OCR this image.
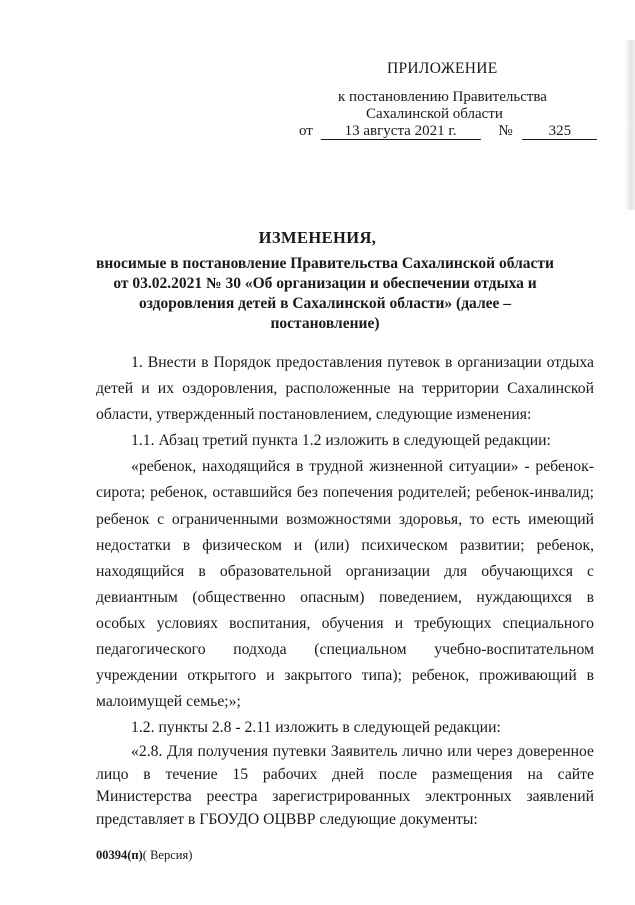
ПРИЛОЖЕНИЕ
к постановлению Правительства
Сахалинской области
от 13 августа 2021 г.	№ 325
ИЗМЕНЕНИЯ,
вносимые в постановление Правительства Сахалинской области от 03.02.2021 № 30 «Об организации и обеспечении отдыха и оздоровления детей в Сахалинской области» (далее – постановление)

1. Внести в Порядок предоставления путевок в организации отдыха детей и их оздоровления, расположенные на территории Сахалинской области, утвержденный постановлением, следующие изменения:

1.1. Абзац третий пункта 1.2 изложить в следующей редакции:

«ребенок, находящийся в трудной жизненной ситуации» - ребенок-сирота; ребенок, оставшийся без попечения родителей; ребенок-инвалид; ребенок с ограниченными возможностями здоровья, то есть имеющий недостатки в физическом и (или) психическом развитии; ребенок, находящийся в образовательной организации для обучающихся с девиантным (общественно опасным) поведением, нуждающихся в особых условиях воспитания, обучения и требующих специального педагогического подхода (специальном учебно-воспитательном учреждении открытого и закрытого типа); ребенок, проживающий в малоимущей семье;»;

1.2. пункты 2.8 - 2.11 изложить в следующей редакции:

«2.8. Для получения путевки Заявитель лично или через доверенное лицо в течение 15 рабочих дней после размещения на сайте Министерства реестра зарегистрированных электронных заявлений представляет в ГБОУДО ОЦВВР следующие документы:

00394(п)( Версия)
